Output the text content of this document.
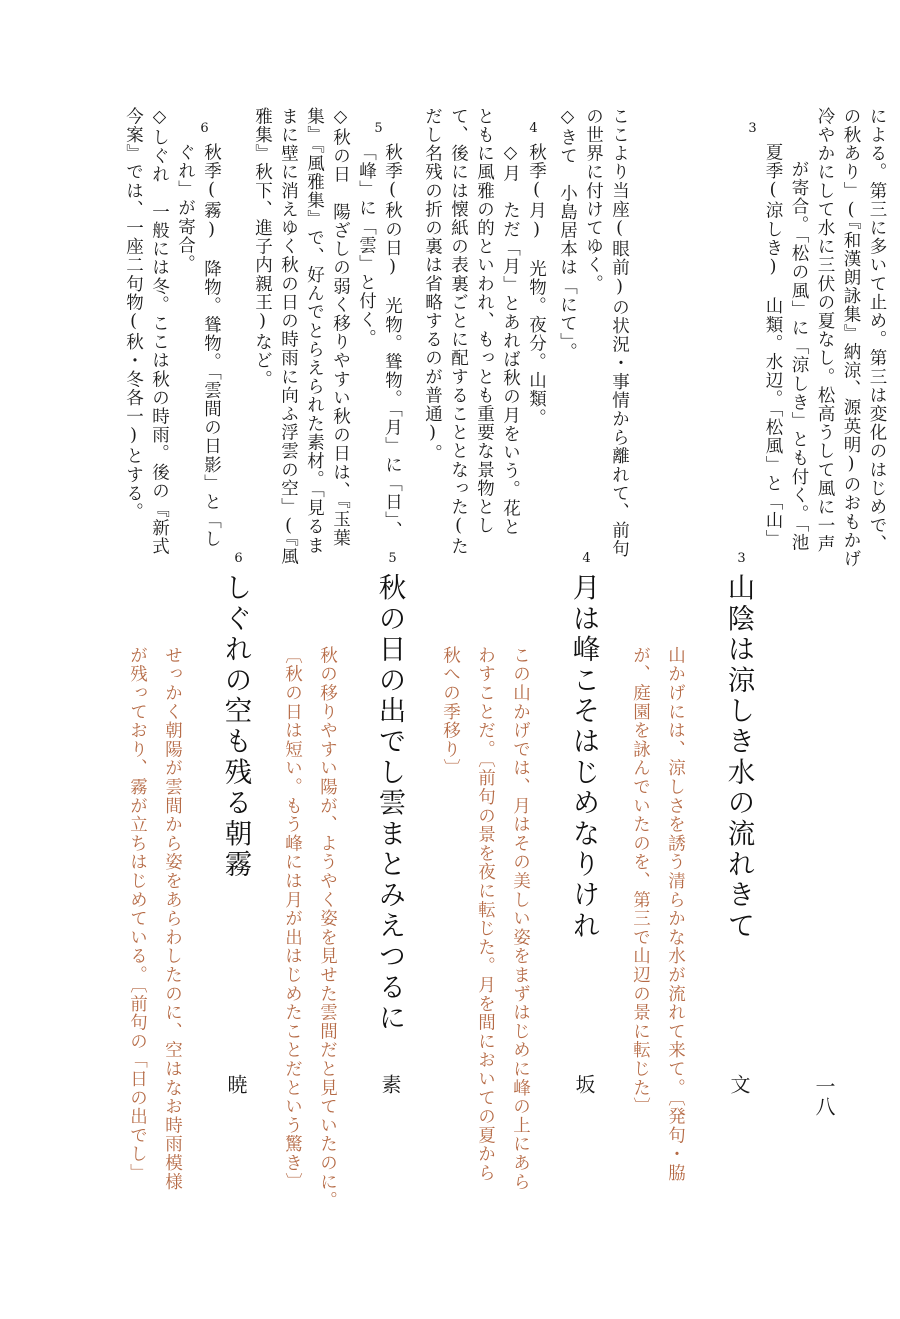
3
夏季(涼しき)　山類。水辺。「松風」と「山」 が寄合。「松の風」に「涼しき」とも付く。「池 冷やかにして水に三伏の夏なし。松高うして風に一声 の秋あり」(『和漢朗詠集』納涼、源英明)のおもかげ による。第三に多いて止め。第三は変化のはじめで、
ここより当座(眼前)の状況・事情から離れて、前句
の世界に付けてゆく。
◇きて　小島居本は「にて」。
4
秋季(月)　光物。夜分。山類。
◇月　ただ「月」とあれば秋の月をいう。花と
ともに風雅の的といわれ、もっとも重要な景物とし
て、後には懐紙の表裏ごとに配することとなった(た
だし名残の折の裏は省略するのが普通)。
5
秋季(秋の日)　光物。聳物。「月」に「日」、
「峰」に「雲」と付く。
◇秋の日　陽ざしの弱く移りやすい秋の日は、『玉葉
集』『風雅集』で、好んでとらえられた素材。「見るま
まに壁に消えゆく秋の日の時雨に向ふ浮雲の空」(『風
雅集』秋下、進子内親王)など。
6
秋季(霧)　降物。聳物。「雲間の日影」と「し
ぐれ」が寄合。
◇しぐれ　一般には冬。ここは秋の時雨。後の『新式
今案』では、一座二句物(秋・冬各一)とする。
3
山陰は涼しき水の流れきて
文
山かげには、涼しさを誘う清らかな水が流れて来て。〔発句・脇
が、庭園を詠んでいたのを、第三で山辺の景に転じた〕
4
月は峰こそはじめなりけれ
坂
この山かげでは、月はその美しい姿をまずはじめに峰の上にあら
わすことだ。〔前句の景を夜に転じた。月を間においての夏から
秋への季移り〕
5
秋の日の出でし雲まとみえつるに
素
秋の移りやすい陽が、ようやく姿を見せた雲間だと見ていたのに。
〔秋の日は短い。もう峰には月が出はじめたことだという驚き〕
6
しぐれの空も残る朝霧
暁
せっかく朝陽が雲間から姿をあらわしたのに、空はなお時雨模様
が残っており、霧が立ちはじめている。〔前句の「日の出でし」	一八
